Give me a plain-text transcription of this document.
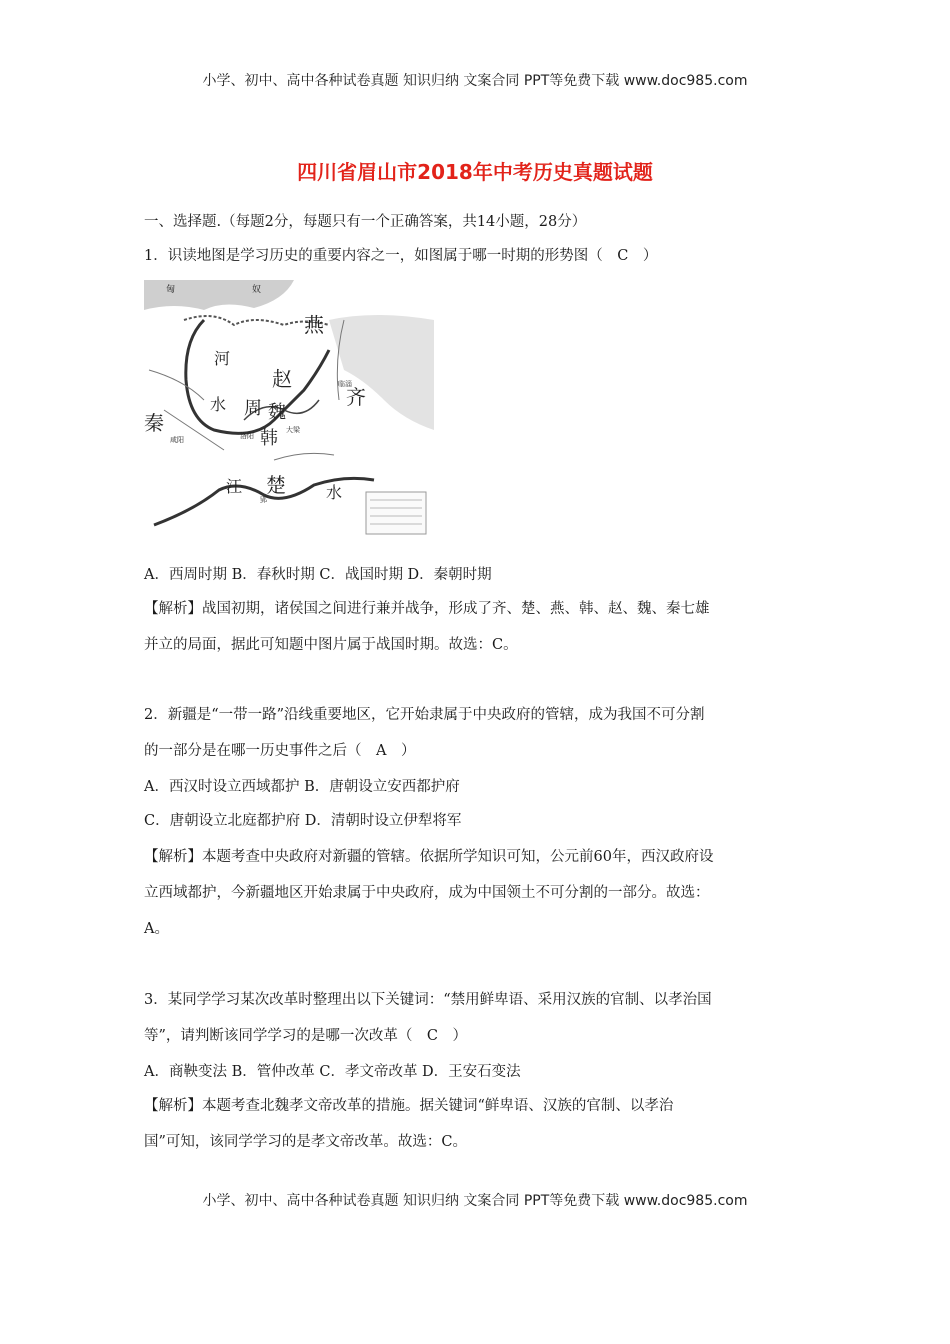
小学、初中、高中各种试卷真题 知识归纳 文案合同 PPT等免费下载 www.doc985.com
四川省眉山市2018年中考历史真题试题
一、选择题.（每题2分，每题只有一个正确答案，共14小题，28分）
1．识读地图是学习历史的重要内容之一，如图属于哪一时期的形势图（　C　）
匈	奴
燕
河
赵
齐
水 周 魏
秦
韩
江 楚	水
临淄
大梁
洛阳
咸阳
郢
A．西周时期 B．春秋时期 C．战国时期 D．秦朝时期
【解析】战国初期，诸侯国之间进行兼并战争，形成了齐、楚、燕、韩、赵、魏、秦七雄
并立的局面，据此可知题中图片属于战国时期。故选：C。
2．新疆是“一带一路”沿线重要地区，它开始隶属于中央政府的管辖，成为我国不可分割
的一部分是在哪一历史事件之后（　A　）
A．西汉时设立西域都护 B．唐朝设立安西都护府
C．唐朝设立北庭都护府 D．清朝时设立伊犁将军
【解析】本题考查中央政府对新疆的管辖。依据所学知识可知，公元前60年，西汉政府设
立西域都护，今新疆地区开始隶属于中央政府，成为中国领土不可分割的一部分。故选：
A。
3．某同学学习某次改革时整理出以下关键词：“禁用鲜卑语、采用汉族的官制、以孝治国
等”，请判断该同学学习的是哪一次改革（　C　）
A．商鞅变法 B．管仲改革 C．孝文帝改革 D．王安石变法
【解析】本题考查北魏孝文帝改革的措施。据关键词“鲜卑语、汉族的官制、以孝治
国”可知，该同学学习的是孝文帝改革。故选：C。
小学、初中、高中各种试卷真题 知识归纳 文案合同 PPT等免费下载 www.doc985.com
